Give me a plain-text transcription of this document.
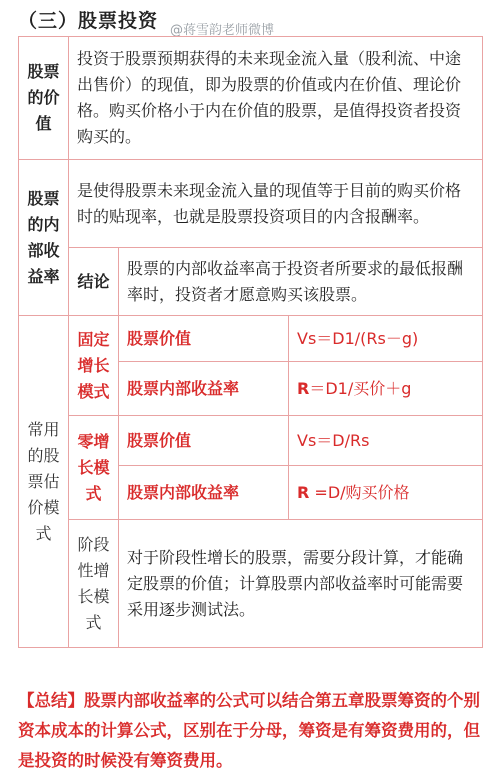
（三）股票投资 @蒋雪韵老师微博
股票的价值	投资于股票预期获得的未来现金流入量（股利流、中途出售价）的现值，即为股票的价值或内在价值、理论价格。购买价格小于内在价值的股票，是值得投资者投资购买的。		
股票的内部收益率	是使得股票未来现金流入量的现值等于目前的购买价格时的贴现率，也就是股票投资项目的内含报酬率。		
	结论	股票的内部收益率高于投资者所要求的最低报酬率时，投资者才愿意购买该股票。	
常用的股票估价模式	固定增长模式	股票价值	Vs＝D1/(Rs－g)
		股票内部收益率	R＝D1/买价＋g
	零增长模式	股票价值	Vs＝D/Rs
		股票内部收益率	R =D/购买价格
	阶段性增长模式	对于阶段性增长的股票，需要分段计算，才能确定股票的价值；计算股票内部收益率时可能需要采用逐步测试法。	
【总结】股票内部收益率的公式可以结合第五章股票筹资的个别资本成本的计算公式，区别在于分母，筹资是有筹资费用的，但是投资的时候没有筹资费用。
